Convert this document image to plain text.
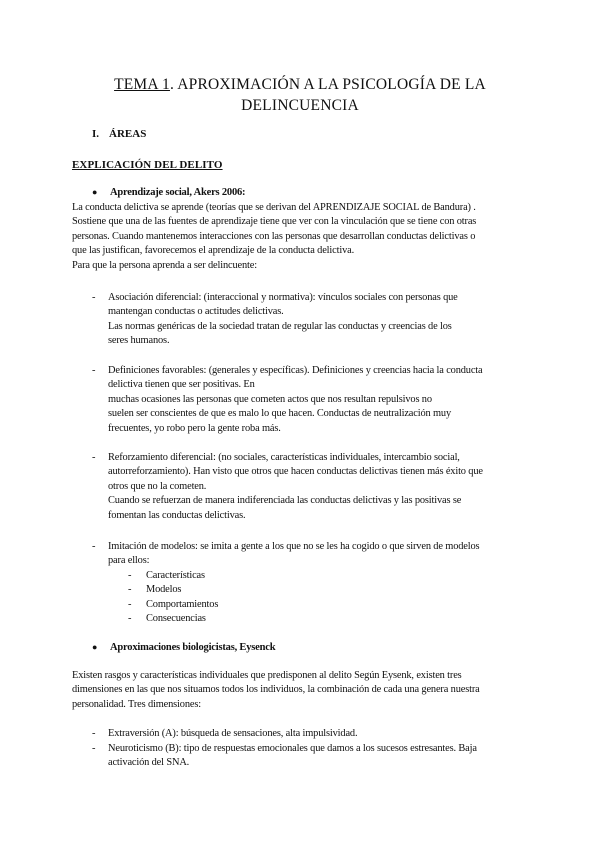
TEMA 1. APROXIMACIÓN A LA PSICOLOGÍA DE LA
DELINCUENCIA
I. ÁREAS
EXPLICACIÓN DEL DELITO
● Aprendizaje social, Akers 2006:
La conducta delictiva se aprende (teorías que se derivan del APRENDIZAJE SOCIAL de Bandura) .
Sostiene que una de las fuentes de aprendizaje tiene que ver con la vinculación que se tiene con otras
personas. Cuando mantenemos interacciones con las personas que desarrollan conductas delictivas o
que las justifican, favorecemos el aprendizaje de la conducta delictiva.
Para que la persona aprenda a ser delincuente:
- Asociación diferencial: (interaccional y normativa): vínculos sociales con personas que
mantengan conductas o actitudes delictivas.
Las normas genéricas de la sociedad tratan de regular las conductas y creencias de los
seres humanos.
- Definiciones favorables: (generales y específicas). Definiciones y creencias hacia la conducta
delictiva tienen que ser positivas. En
muchas ocasiones las personas que cometen actos que nos resultan repulsivos no
suelen ser conscientes de que es malo lo que hacen. Conductas de neutralización muy
frecuentes, yo robo pero la gente roba más.
- Reforzamiento diferencial: (no sociales, características individuales, intercambio social,
autorreforzamiento). Han visto que otros que hacen conductas delictivas tienen más éxito que
otros que no la cometen.
Cuando se refuerzan de manera indiferenciada las conductas delictivas y las positivas se
fomentan las conductas delictivas.
- Imitación de modelos: se imita a gente a los que no se les ha cogido o que sirven de modelos
para ellos:
- Características
- Modelos
- Comportamientos
- Consecuencias
● Aproximaciones biologicistas, Eysenck
Existen rasgos y características individuales que predisponen al delito Según Eysenk, existen tres
dimensiones en las que nos situamos todos los individuos, la combinación de cada una genera nuestra
personalidad. Tres dimensiones:
- Extraversión (A): búsqueda de sensaciones, alta impulsividad.
- Neuroticismo (B): tipo de respuestas emocionales que damos a los sucesos estresantes. Baja
activación del SNA.
